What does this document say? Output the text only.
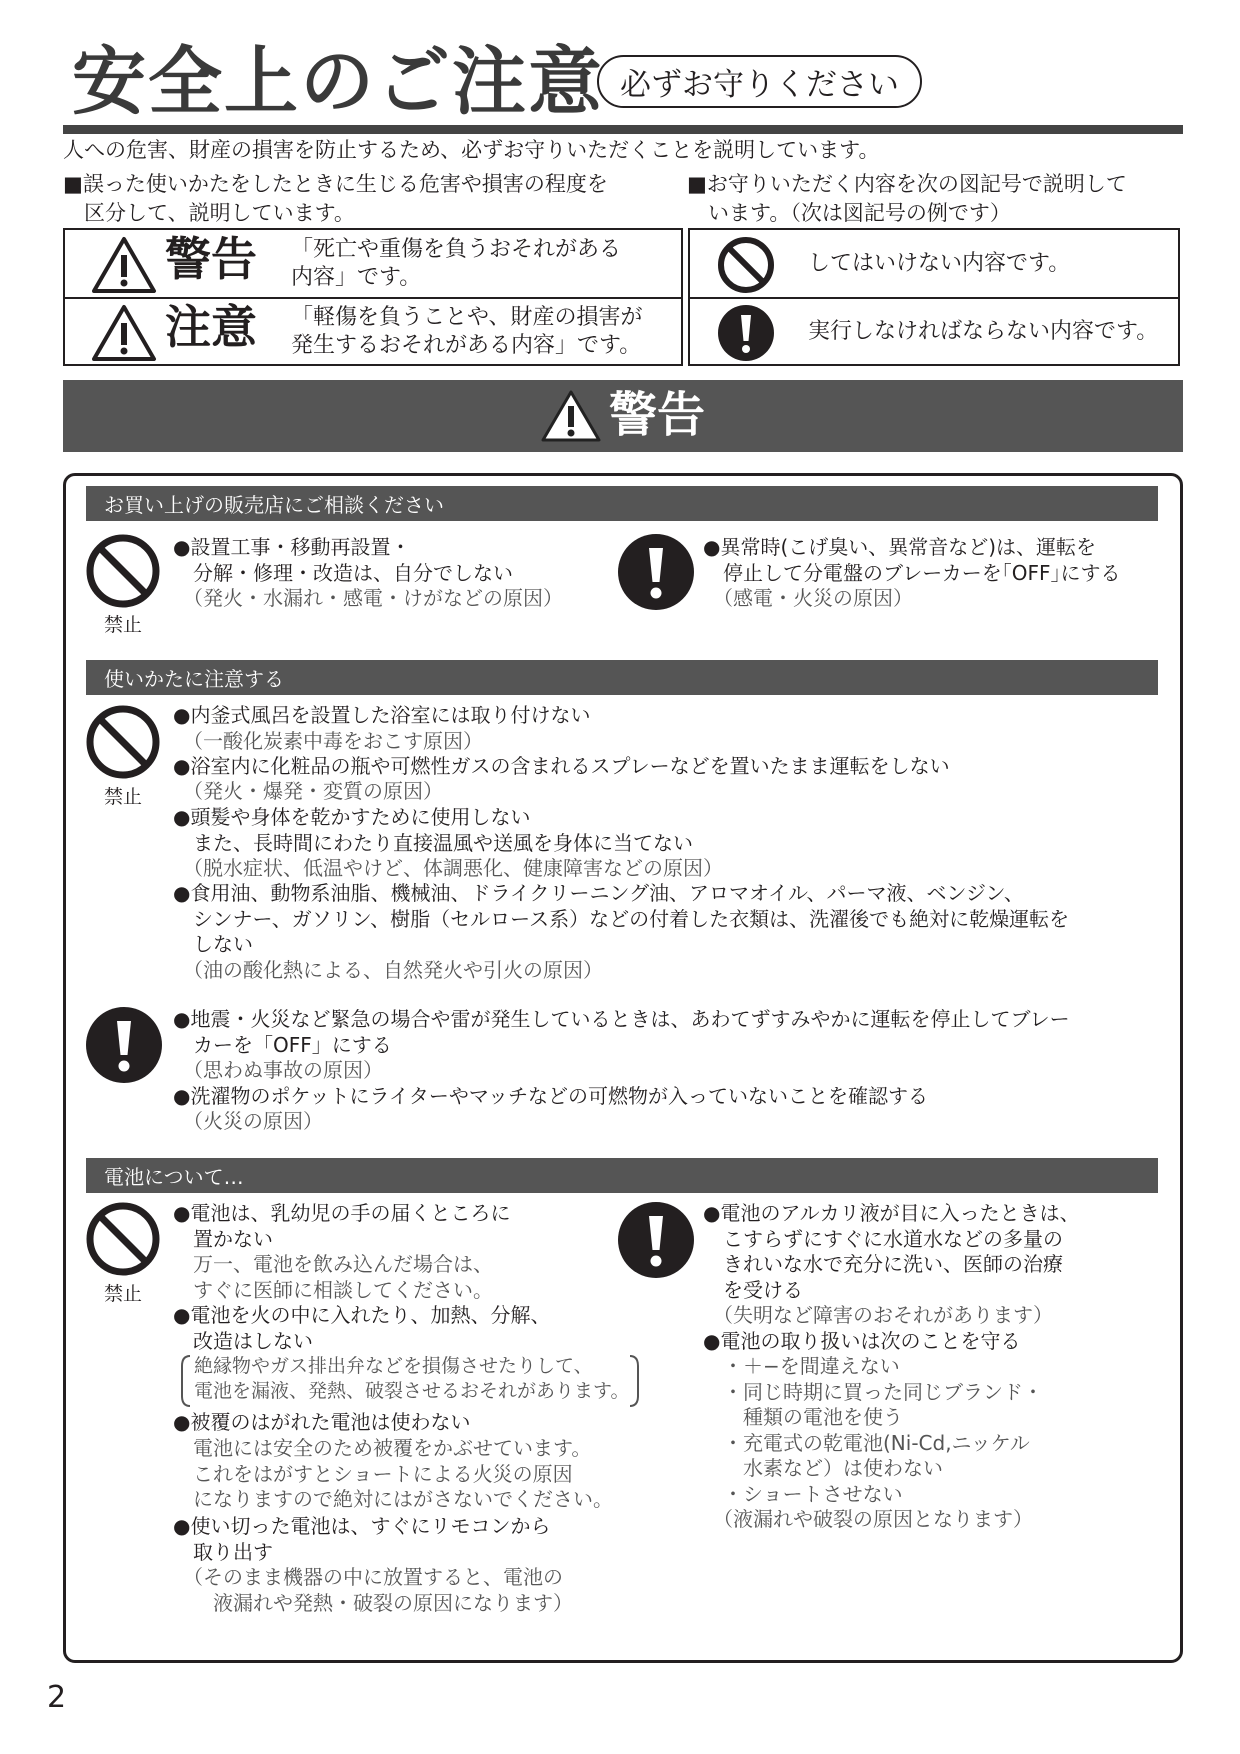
安全上のご注意 必ずお守りください
人への危害、財産の損害を防止するため、必ずお守りいただくことを説明しています。
■誤った使いかたをしたときに生じる危害や損害の程度を
　区分して、説明しています。
■お守りいただく内容を次の図記号で説明して
　います。（次は図記号の例です）
警告 「死亡や重傷を負うおそれがある
内容」です。
注意 「軽傷を負うことや、財産の損害が
発生するおそれがある内容」です。
してはいけない内容です。
実行しなければならない内容です。
警告
お買い上げの販売店にご相談ください
禁止
●設置工事・移動再設置・
　分解・修理・改造は、自分でしない
　（発火・水漏れ・感電・けがなどの原因）
●異常時(こげ臭い、異常音など)は、運転を
　停止して分電盤のブレーカーを｢OFF｣にする
　（感電・火災の原因）
使いかたに注意する
禁止
●内釜式風呂を設置した浴室には取り付けない
　（一酸化炭素中毒をおこす原因）
●浴室内に化粧品の瓶や可燃性ガスの含まれるスプレーなどを置いたまま運転をしない
　（発火・爆発・変質の原因）
●頭髪や身体を乾かすために使用しない
　また、長時間にわたり直接温風や送風を身体に当てない
　（脱水症状、低温やけど、体調悪化、健康障害などの原因）
●食用油、動物系油脂、機械油、ドライクリーニング油、アロマオイル、パーマ液、ベンジン、
　シンナー、ガソリン、樹脂（セルロース系）などの付着した衣類は、洗濯後でも絶対に乾燥運転を
　しない
　（油の酸化熱による、自然発火や引火の原因）
●地震・火災など緊急の場合や雷が発生しているときは、あわてずすみやかに運転を停止してブレー
　カーを「OFF」にする
　（思わぬ事故の原因）
●洗濯物のポケットにライターやマッチなどの可燃物が入っていないことを確認する
　（火災の原因）
電池について…
禁止
●電池は、乳幼児の手の届くところに
　置かない
　万一、電池を飲み込んだ場合は、
　すぐに医師に相談してください。
●電池を火の中に入れたり、加熱、分解、
　改造はしない
絶縁物やガス排出弁などを損傷させたりして、
電池を漏液、発熱、破裂させるおそれがあります。
●被覆のはがれた電池は使わない
　電池には安全のため被覆をかぶせています。
　これをはがすとショートによる火災の原因
　になりますので絶対にはがさないでください。
●使い切った電池は、すぐにリモコンから
　取り出す
　（そのまま機器の中に放置すると、電池の
　　液漏れや発熱・破裂の原因になります）
●電池のアルカリ液が目に入ったときは、
　こすらずにすぐに水道水などの多量の
　きれいな水で充分に洗い、医師の治療
　を受ける
　（失明など障害のおそれがあります）
●電池の取り扱いは次のことを守る
　・＋−を間違えない
　・同じ時期に買った同じブランド・
　　種類の電池を使う
　・充電式の乾電池(Ni-Cd,ニッケル
　　水素など）は使わない
　・ショートさせない
　（液漏れや破裂の原因となります）
2
